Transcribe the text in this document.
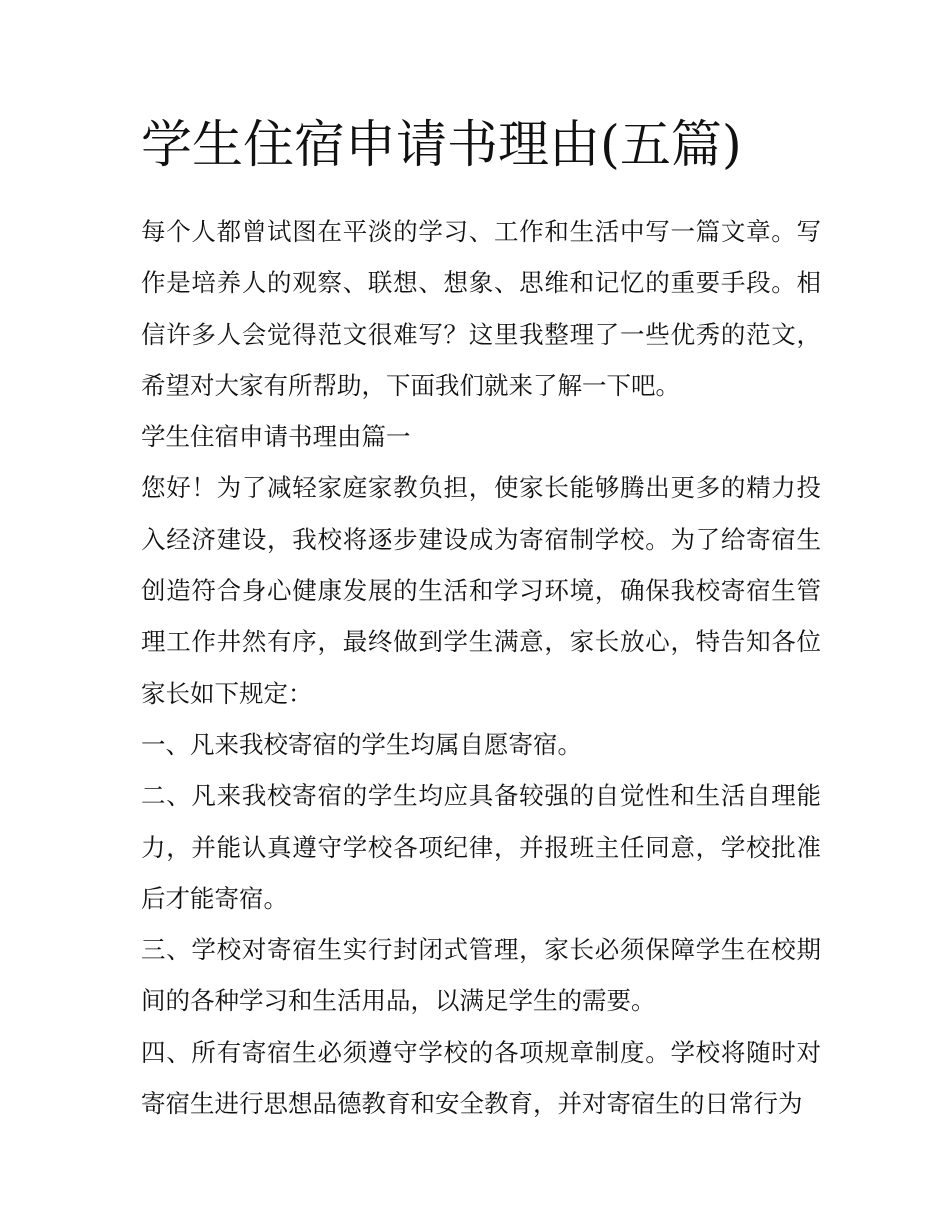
学生住宿申请书理由(五篇)

每个人都曾试图在平淡的学习、工作和生活中写一篇文章。写作是培养人的观察、联想、想象、思维和记忆的重要手段。相信许多人会觉得范文很难写？这里我整理了一些优秀的范文，希望对大家有所帮助，下面我们就来了解一下吧。

学生住宿申请书理由篇一

您好！为了减轻家庭家教负担，使家长能够腾出更多的精力投入经济建设，我校将逐步建设成为寄宿制学校。为了给寄宿生创造符合身心健康发展的生活和学习环境，确保我校寄宿生管理工作井然有序，最终做到学生满意，家长放心，特告知各位家长如下规定：

一、凡来我校寄宿的学生均属自愿寄宿。

二、凡来我校寄宿的学生均应具备较强的自觉性和生活自理能力，并能认真遵守学校各项纪律，并报班主任同意，学校批准后才能寄宿。

三、学校对寄宿生实行封闭式管理，家长必须保障学生在校期间的各种学习和生活用品，以满足学生的需要。

四、所有寄宿生必须遵守学校的各项规章制度。学校将随时对寄宿生进行思想品德教育和安全教育，并对寄宿生的日常行为
